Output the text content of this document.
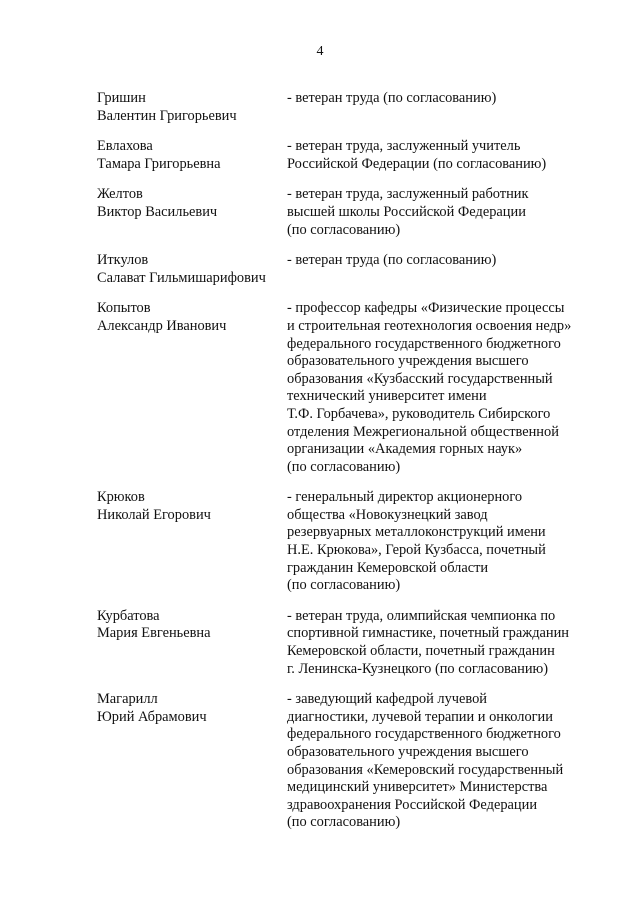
4
Гришин
Валентин Григорьевич
- ветеран труда (по согласованию)
Евлахова
Тамара Григорьевна
- ветеран труда, заслуженный учитель
Российской Федерации (по согласованию)
Желтов
Виктор Васильевич
- ветеран труда, заслуженный работник
высшей школы Российской Федерации
(по согласованию)
Иткулов
Салават Гильмишарифович
- ветеран труда (по согласованию)
Копытов
Александр Иванович
- профессор кафедры «Физические процессы
и строительная геотехнология освоения недр»
федерального государственного бюджетного
образовательного учреждения высшего
образования «Кузбасский государственный
технический университет имени
Т.Ф. Горбачева», руководитель Сибирского
отделения Межрегиональной общественной
организации «Академия горных наук»
(по согласованию)
Крюков
Николай Егорович
- генеральный директор акционерного
общества «Новокузнецкий завод
резервуарных металлоконструкций имени
Н.Е. Крюкова», Герой Кузбасса, почетный
гражданин Кемеровской области
(по согласованию)
Курбатова
Мария Евгеньевна
- ветеран труда, олимпийская чемпионка по
спортивной гимнастике, почетный гражданин
Кемеровской области, почетный гражданин
г. Ленинска-Кузнецкого (по согласованию)
Магарилл
Юрий Абрамович
- заведующий кафедрой лучевой
диагностики, лучевой терапии и онкологии
федерального государственного бюджетного
образовательного учреждения высшего
образования «Кемеровский государственный
медицинский университет» Министерства
здравоохранения Российской Федерации
(по согласованию)
